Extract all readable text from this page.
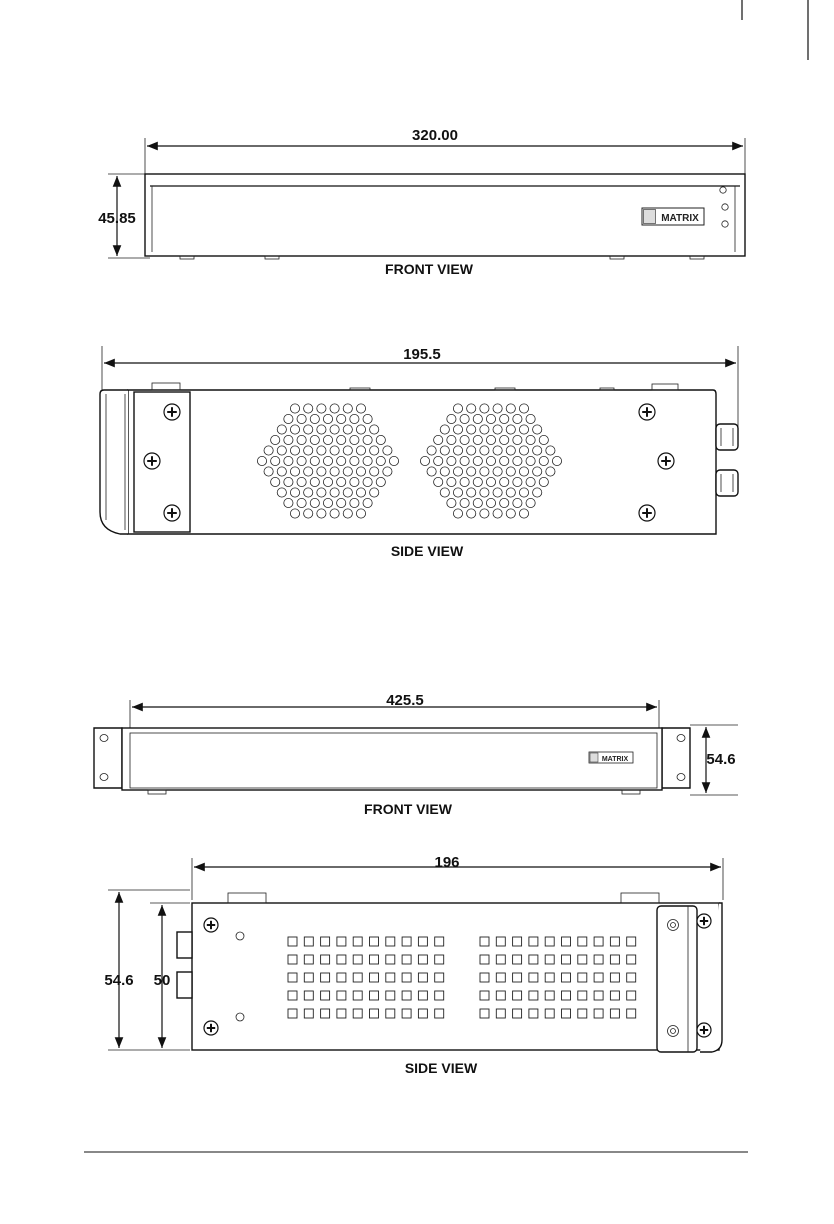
320.00
45.85	MATRIX
FRONT VIEW
195.5
SIDE VIEW
425.5
54.6
MATRIX
FRONT VIEW
196
54.6 50
SIDE VIEW
